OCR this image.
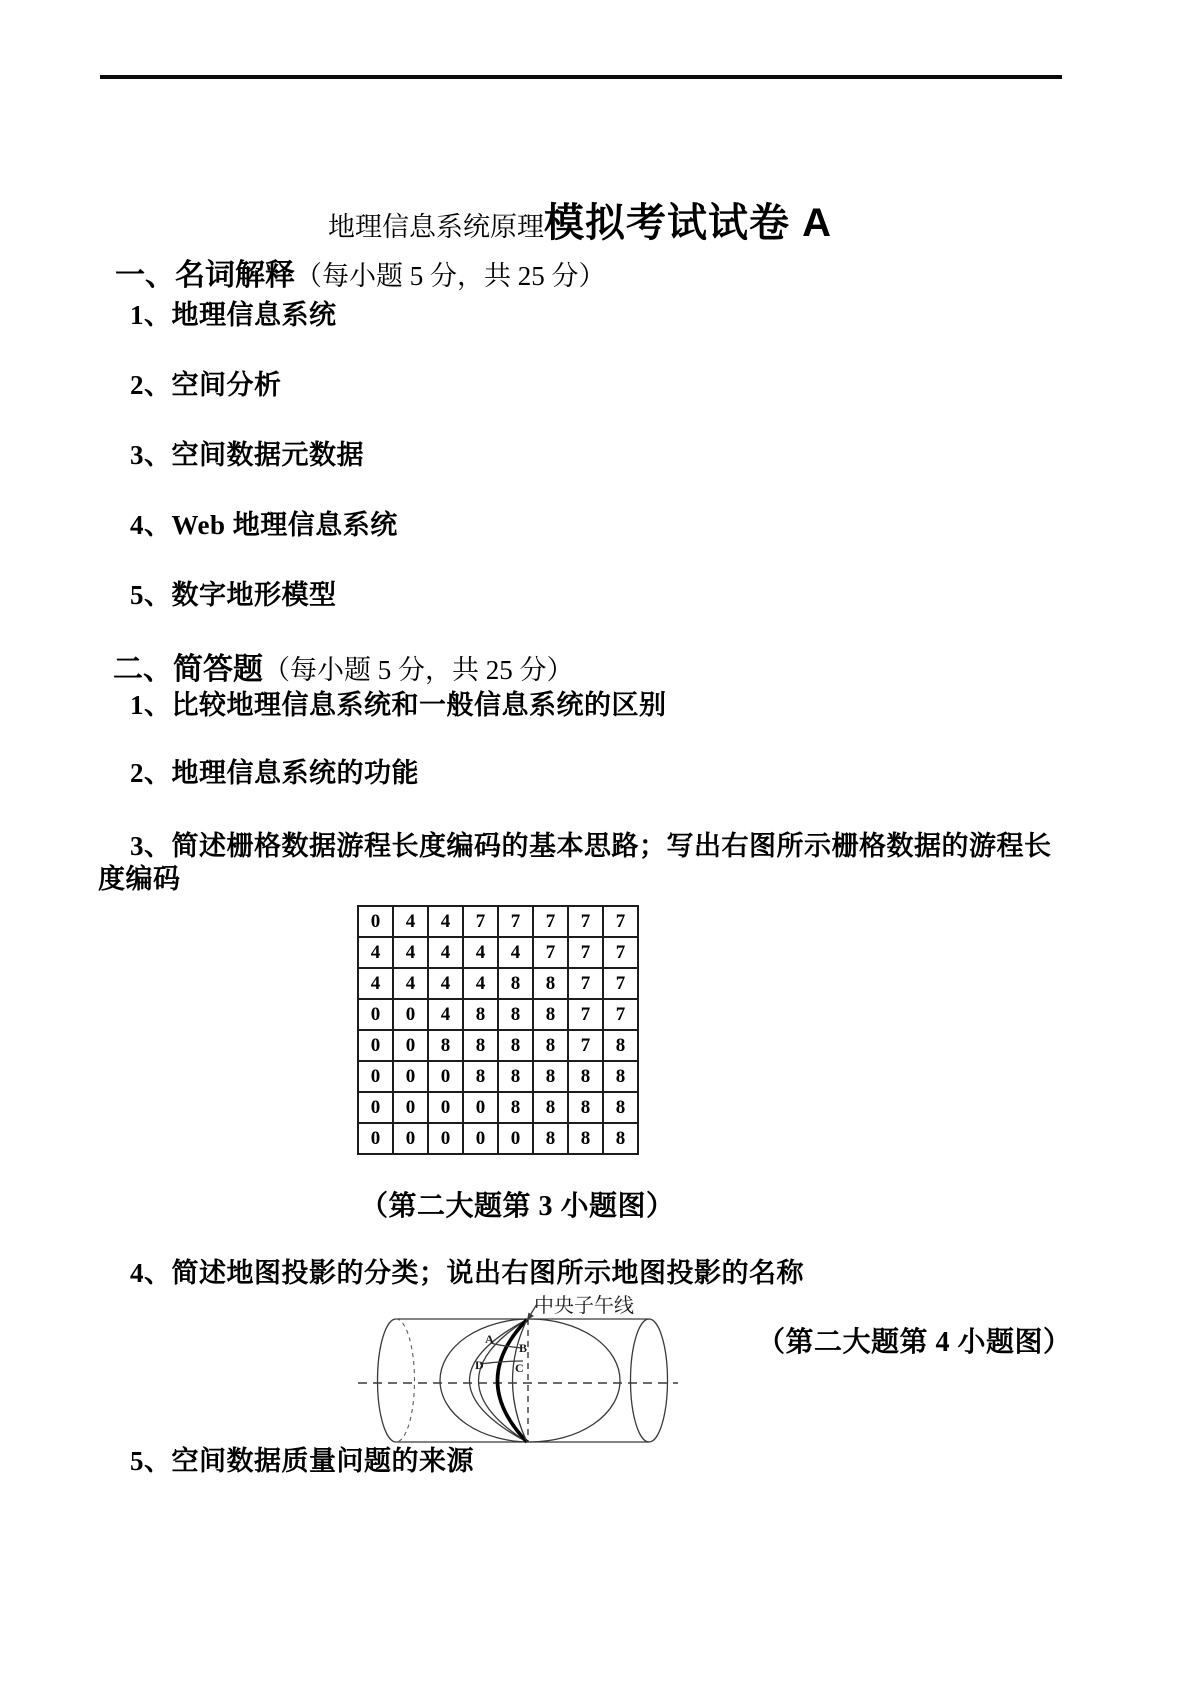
地理信息系统原理模拟考试试卷 A
一、名词解释（每小题 5 分，共 25 分）
1、地理信息系统
2、空间分析
3、空间数据元数据
4、Web 地理信息系统
5、数字地形模型
二、简答题（每小题 5 分，共 25 分）
1、比较地理信息系统和一般信息系统的区别
2、地理信息系统的功能
3、简述栅格数据游程长度编码的基本思路；写出右图所示栅格数据的游程长
度编码
0	4	4	7	7	7	7	7
4	4	4	4	4	7	7	7
4	4	4	4	8	8	7	7
0	0	4	8	8	8	7	7
0	0	8	8	8	8	7	8
0	0	0	8	8	8	8	8
0	0	0	0	8	8	8	8
0	0	0	0	0	8	8	8
（第二大题第 3 小题图）
4、简述地图投影的分类；说出右图所示地图投影的名称
A
B
C
D
中央子午线
（第二大题第 4 小题图）
5、空间数据质量问题的来源
